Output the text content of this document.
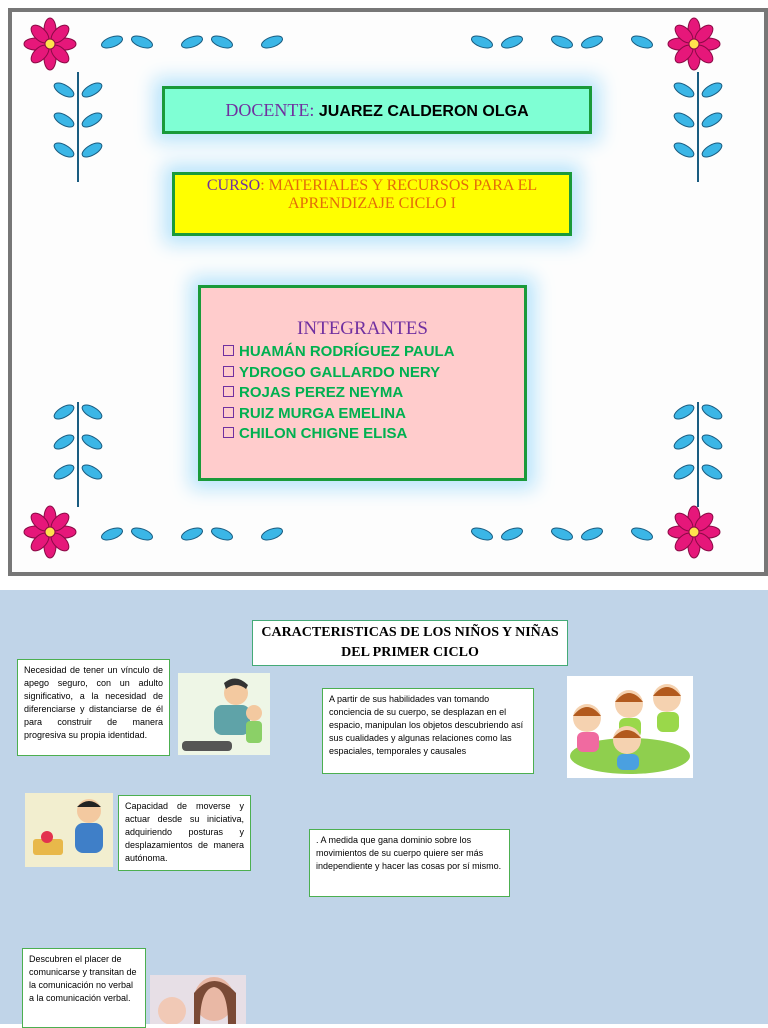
DOCENTE: JUAREZ CALDERON OLGA
CURSO: MATERIALES Y RECURSOS PARA EL APRENDIZAJE CICLO I
INTEGRANTES
HUAMÁN RODRÍGUEZ PAULA
YDROGO GALLARDO NERY
ROJAS PEREZ NEYMA
RUIZ MURGA EMELINA
CHILON CHIGNE ELISA
CARACTERISTICAS DE LOS NIÑOS Y NIÑAS DEL PRIMER CICLO
Necesidad de tener un vínculo de apego seguro, con un adulto significativo, a la necesidad de diferenciarse y distanciarse de él para construir de manera progresiva su propia identidad.
A partir de sus habilidades van tomando conciencia de su cuerpo, se desplazan en el espacio, manipulan los objetos descubriendo así sus cualidades y algunas relaciones como las espaciales, temporales y causales
Capacidad de moverse y actuar desde su iniciativa, adquiriendo posturas y desplazamientos de manera autónoma.
. A medida que gana dominio sobre los movimientos de su cuerpo quiere ser más independiente y hacer las cosas por sí mismo.
Descubren el placer de comunicarse y transitan de la comunicación no verbal a la comunicación verbal.
